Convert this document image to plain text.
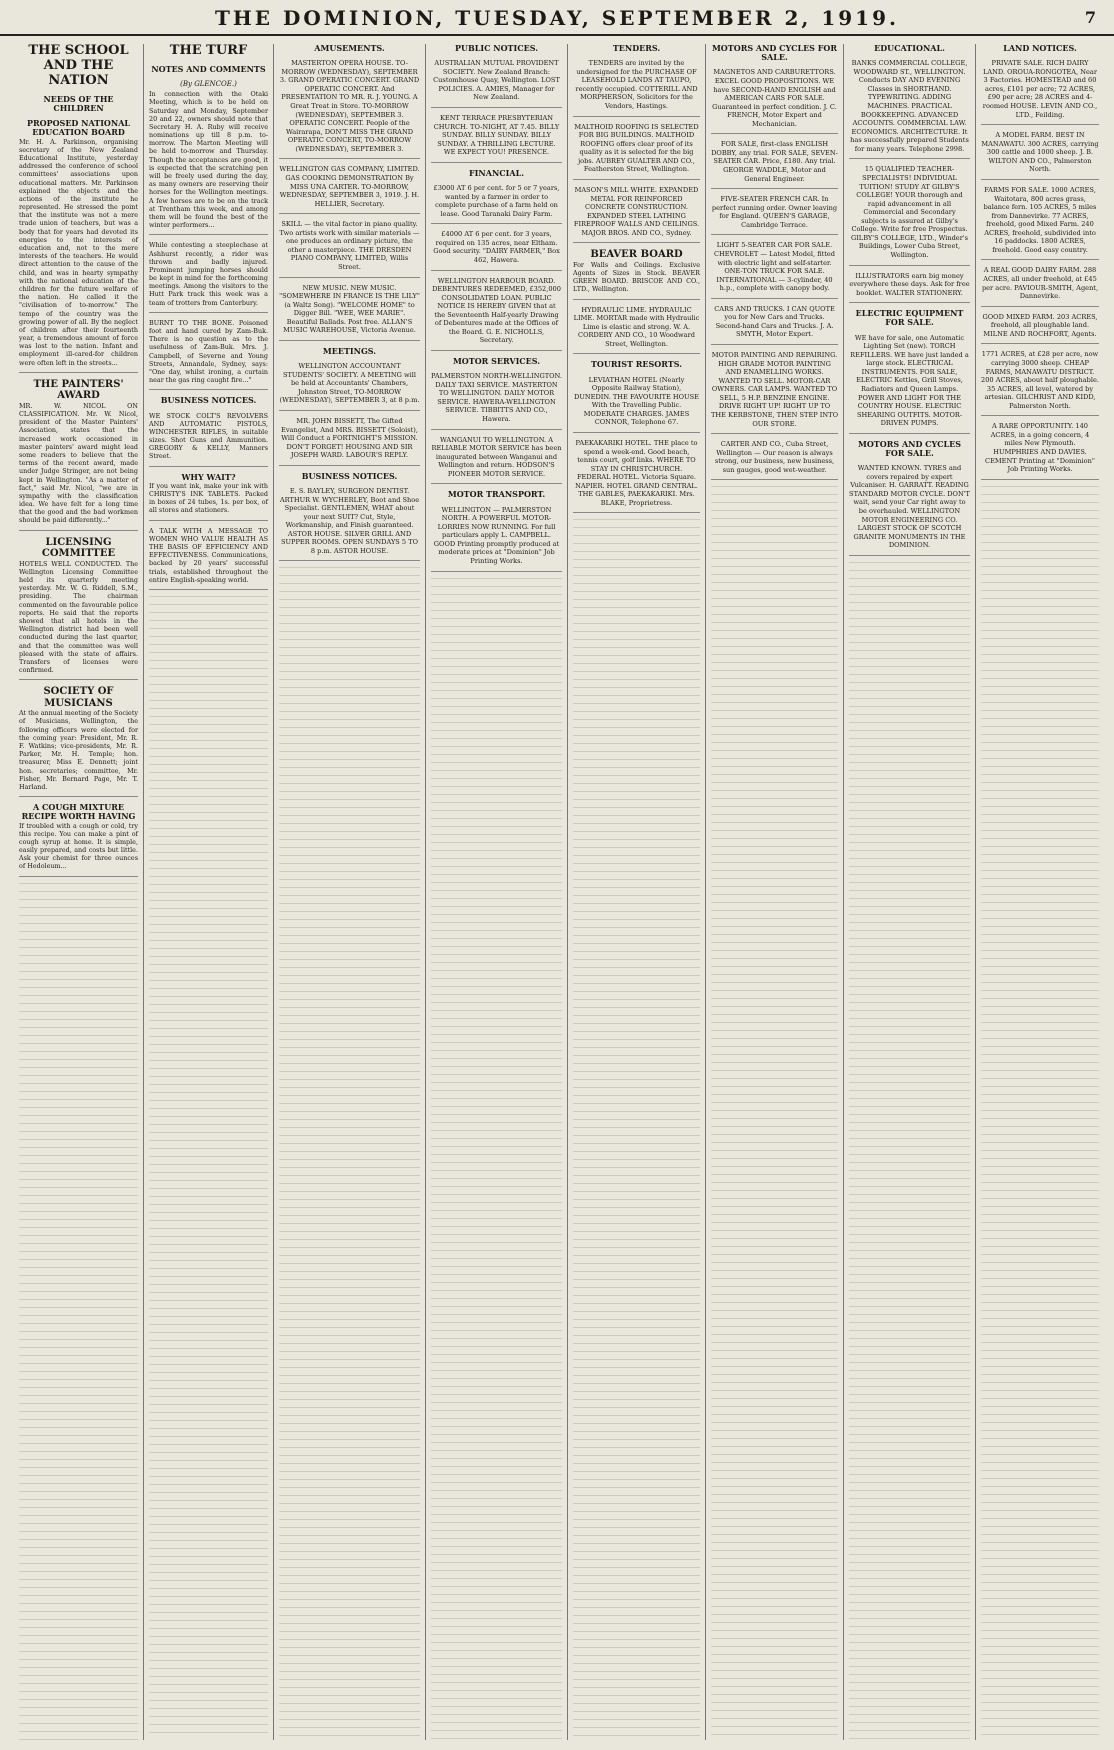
THE DOMINION, TUESDAY, SEPTEMBER 2, 1919.	7
THE SCHOOL AND THE NATION
NEEDS OF THE CHILDREN
PROPOSED NATIONAL EDUCATION BOARD
Mr. H. A. Parkinson, organising secretary of the New Zealand Educational Institute, yesterday addressed the conference of school committees' associations upon educational matters. Mr. Parkinson explained the objects and the actions of the institute he represented. He stressed the point that the institute was not a mere trade union of teachers, but was a body that for years had devoted its energies to the interests of education and, not to the mere interests of the teachers. He would direct attention to the cause of the child, and was in hearty sympathy with the national education of the children for the future welfare of the nation. He called it the "civilisation of to-morrow." The tempo of the country was the growing power of all. By the neglect of children after their fourteenth year, a tremendous amount of force was lost to the nation. Infant and employment ill-cared-for children were often left in the streets...
THE PAINTERS' AWARD
MR. W. NICOL ON CLASSIFICATION. Mr. W. Nicol, president of the Master Painters' Association, states that the increased work occasioned in master painters' award might lead some readers to believe that the terms of the recent award, made under Judge Stringer, are not being kept in Wellington. "As a matter of fact," said Mr. Nicol, "we are in sympathy with the classification idea. We have felt for a long time that the good and the bad workmen should be paid differently..."
LICENSING COMMITTEE
HOTELS WELL CONDUCTED. The Wellington Licensing Committee held its quarterly meeting yesterday. Mr. W. G. Riddell, S.M., presiding. The chairman commented on the favourable police reports. He said that the reports showed that all hotels in the Wellington district had been well conducted during the last quarter, and that the committee was well pleased with the state of affairs. Transfers of licenses were confirmed.
SOCIETY OF MUSICIANS
At the annual meeting of the Society of Musicians, Wellington, the following officers were elected for the coming year: President, Mr. R. F. Watkins; vice-presidents, Mr. R. Parker, Mr. H. Temple; hon. treasurer, Miss E. Dennett; joint hon. secretaries; committee, Mr. Fisher, Mr. Bernard Page, Mr. T. Harland.
A COUGH MIXTURE RECIPE WORTH HAVING
If troubled with a cough or cold, try this recipe. You can make a pint of cough syrup at home. It is simple, easily prepared, and costs but little. Ask your chemist for three ounces of Hedoleum...
THE TURF
NOTES AND COMMENTS
(By GLENCOE.)
In connection with the Otaki Meeting, which is to be held on Saturday and Monday, September 20 and 22, owners should note that Secretary H. A. Ruby will receive nominations up till 8 p.m. to-morrow. The Marton Meeting will be held to-morrow and Thursday. Though the acceptances are good, it is expected that the scratching pen will be freely used during the day, as many owners are reserving their horses for the Wellington meetings. A few horses are to be on the track at Trentham this week, and among them will be found the best of the winter performers...
While contesting a steeplechase at Ashhurst recently, a rider was thrown and badly injured. Prominent jumping horses should be kept in mind for the forthcoming meetings. Among the visitors to the Hutt Park track this week was a team of trotters from Canterbury.
BURNT TO THE BONE. Poisoned foot and hand cured by Zam-Buk. There is no question as to the usefulness of Zam-Buk. Mrs. J. Campbell, of Severne and Young Streets, Annandale, Sydney, says: "One day, whilst ironing, a curtain near the gas ring caught fire..."
BUSINESS NOTICES.
WE STOCK COLT'S REVOLVERS AND AUTOMATIC PISTOLS, WINCHESTER RIFLES, in suitable sizes. Shot Guns and Ammunition. GREGORY & KELLY, Manners Street.
WHY WAIT?
If you want ink, make your ink with CHRISTY'S INK TABLETS. Packed in boxes of 24 tubes, 1s. per box, of all stores and stationers.
A TALK WITH A MESSAGE TO WOMEN WHO VALUE HEALTH AS THE BASIS OF EFFICIENCY AND EFFECTIVENESS. Communications, backed by 20 years' successful trials, established throughout the entire English-speaking world.
AMUSEMENTS.
MASTERTON OPERA HOUSE. TO-MORROW (WEDNESDAY), SEPTEMBER 3. GRAND OPERATIC CONCERT. GRAND OPERATIC CONCERT. And PRESENTATION TO MR. R. J. YOUNG. A Great Treat in Store. TO-MORROW (WEDNESDAY), SEPTEMBER 3. OPERATIC CONCERT. People of the Wairarapa, DON'T MISS THE GRAND OPERATIC CONCERT, TO-MORROW (WEDNESDAY), SEPTEMBER 3.
WELLINGTON GAS COMPANY, LIMITED. GAS COOKING DEMONSTRATION By MISS UNA CARTER. TO-MORROW, WEDNESDAY, SEPTEMBER 3, 1919. J. H. HELLIER, Secretary.
SKILL — the vital factor in piano quality. Two artists work with similar materials — one produces an ordinary picture, the other a masterpiece. THE DRESDEN PIANO COMPANY, LIMITED, Willis Street.
NEW MUSIC. NEW MUSIC. "SOMEWHERE IN FRANCE IS THE LILY" (a Waltz Song). "WELCOME HOME" to Digger Bill. "WEE, WEE MARIE". Beautiful Ballads. Post free. ALLAN'S MUSIC WAREHOUSE, Victoria Avenue.
MEETINGS.
WELLINGTON ACCOUNTANT STUDENTS' SOCIETY. A MEETING will be held at Accountants' Chambers, Johnston Street, TO-MORROW (WEDNESDAY), SEPTEMBER 3, at 8 p.m.
MR. JOHN BISSETT, The Gifted Evangelist, And MRS. BISSETT (Soloist), Will Conduct a FORTNIGHT'S MISSION. DON'T FORGET! HOUSING AND SIR JOSEPH WARD. LABOUR'S REPLY.
BUSINESS NOTICES.
E. S. BAYLEY, SURGEON DENTIST. ARTHUR W. WYCHERLEY, Boot and Shoe Specialist. GENTLEMEN, WHAT about your next SUIT? Cut, Style, Workmanship, and Finish guaranteed. ASTOR HOUSE. SILVER GRILL AND SUPPER ROOMS. OPEN SUNDAYS 5 TO 8 p.m. ASTOR HOUSE.
PUBLIC NOTICES.
AUSTRALIAN MUTUAL PROVIDENT SOCIETY. New Zealand Branch: Customhouse Quay, Wellington. LOST POLICIES. A. AMIES, Manager for New Zealand.
KENT TERRACE PRESBYTERIAN CHURCH. TO-NIGHT, AT 7.45. BILLY SUNDAY. BILLY SUNDAY. BILLY SUNDAY. A THRILLING LECTURE. WE EXPECT YOU! PRESENCE.
FINANCIAL.
£3000 AT 6 per cent. for 5 or 7 years, wanted by a farmer in order to complete purchase of a farm held on lease. Good Taranaki Dairy Farm.
£4000 AT 6 per cent. for 3 years, required on 135 acres, near Eltham. Good security. "DAIRY FARMER," Box 462, Hawera.
WELLINGTON HARBOUR BOARD. DEBENTURES REDEEMED, £352,000 CONSOLIDATED LOAN. PUBLIC NOTICE IS HEREBY GIVEN that at the Seventeenth Half-yearly Drawing of Debentures made at the Offices of the Board. G. E. NICHOLLS, Secretary.
MOTOR SERVICES.
PALMERSTON NORTH-WELLINGTON. DAILY TAXI SERVICE. MASTERTON TO WELLINGTON. DAILY MOTOR SERVICE. HAWERA-WELLINGTON SERVICE. TIBBITTS AND CO., Hawera.
WANGANUI TO WELLINGTON. A RELIABLE MOTOR SERVICE has been inaugurated between Wanganui and Wellington and return. HODSON'S PIONEER MOTOR SERVICE.
MOTOR TRANSPORT.
WELLINGTON — PALMERSTON NORTH. A POWERFUL MOTOR-LORRIES NOW RUNNING. For full particulars apply L. CAMPBELL. GOOD Printing promptly produced at moderate prices at "Dominion" Job Printing Works.
TENDERS.
TENDERS are invited by the undersigned for the PURCHASE OF LEASEHOLD LANDS AT TAUPO, recently occupied. COTTERILL AND MORPHERSON, Solicitors for the Vendors, Hastings.
MALTHOID ROOFING IS SELECTED FOR BIG BUILDINGS. MALTHOID ROOFING offers clear proof of its quality as it is selected for the big jobs. AUBREY GUALTER AND CO., Featherston Street, Wellington.
MASON'S MILL WHITE. EXPANDED METAL FOR REINFORCED CONCRETE CONSTRUCTION. EXPANDED STEEL LATHING FIREPROOF WALLS AND CEILINGS. MAJOR BROS. AND CO., Sydney.
BEAVER BOARD
For Walls and Ceilings. Exclusive Agents of Sizes in Stock. BEAVER GREEN BOARD. BRISCOE AND CO., LTD., Wellington.
HYDRAULIC LIME. HYDRAULIC LIME. MORTAR made with Hydraulic Lime is elastic and strong. W. A. CORDERY AND CO., 10 Woodward Street, Wellington.
TOURIST RESORTS.
LEVIATHAN HOTEL (Nearly Opposite Railway Station), DUNEDIN. THE FAVOURITE HOUSE With the Travelling Public. MODERATE CHARGES. JAMES CONNOR, Telephone 67.
PAEKAKARIKI HOTEL. THE place to spend a week-end. Good beach, tennis court, golf links. WHERE TO STAY IN CHRISTCHURCH. FEDERAL HOTEL. Victoria Square. NAPIER. HOTEL GRAND CENTRAL. THE GABLES, PAEKAKARIKI. Mrs. BLAKE, Proprietress.
MOTORS AND CYCLES FOR SALE.
MAGNETOS AND CARBURETTORS. EXCEL GOOD PROPOSITIONS. WE have SECOND-HAND ENGLISH and AMERICAN CARS FOR SALE. Guaranteed in perfect condition. J. C. FRENCH, Motor Expert and Mechanician.
FOR SALE, first-class ENGLISH DOBBY, any trial. FOR SALE, SEVEN-SEATER CAR. Price, £180. Any trial. GEORGE WADDLE, Motor and General Engineer.
FIVE-SEATER FRENCH CAR. In perfect running order. Owner leaving for England. QUEEN'S GARAGE, Cambridge Terrace.
LIGHT 5-SEATER CAR FOR SALE. CHEVROLET — Latest Model, fitted with electric light and self-starter. ONE-TON TRUCK FOR SALE. INTERNATIONAL — 3-cylinder, 40 h.p., complete with canopy body.
CARS AND TRUCKS. I CAN QUOTE you for New Cars and Trucks. Second-hand Cars and Trucks. J. A. SMYTH, Motor Expert.
MOTOR PAINTING AND REPAIRING. HIGH GRADE MOTOR PAINTING AND ENAMELLING WORKS. WANTED TO SELL. MOTOR-CAR OWNERS. CAR LAMPS. WANTED TO SELL, 5 H.P. BENZINE ENGINE. DRIVE RIGHT UP! RIGHT UP TO THE KERBSTONE, THEN STEP INTO OUR STORE.
CARTER AND CO., Cuba Street, Wellington — Our reason is always strong, our business, new business, sun gauges, good wet-weather.
EDUCATIONAL.
BANKS COMMERCIAL COLLEGE, WOODWARD ST., WELLINGTON. Conducts DAY AND EVENING Classes in SHORTHAND. TYPEWRITING. ADDING MACHINES. PRACTICAL BOOKKEEPING. ADVANCED ACCOUNTS. COMMERCIAL LAW. ECONOMICS. ARCHITECTURE. It has successfully prepared Students for many years. Telephone 2998.
15 QUALIFIED TEACHER-SPECIALISTS! INDIVIDUAL TUITION! STUDY AT GILBY'S COLLEGE! YOUR thorough and rapid advancement in all Commercial and Secondary subjects is assured at Gilby's College. Write for free Prospectus. GILBY'S COLLEGE, LTD., Winder's Buildings, Lower Cuba Street, Wellington.
ILLUSTRATORS earn big money everywhere these days. Ask for free booklet. WALTER STATIONERY.
ELECTRIC EQUIPMENT FOR SALE.
WE have for sale, one Automatic Lighting Set (new). TORCH REFILLERS. WE have just landed a large stock. ELECTRICAL INSTRUMENTS. FOR SALE, ELECTRIC Kettles, Grill Stoves, Radiators and Queen Lamps. POWER AND LIGHT FOR THE COUNTRY HOUSE. ELECTRIC SHEARING OUTFITS. MOTOR-DRIVEN PUMPS.
MOTORS AND CYCLES FOR SALE.
WANTED KNOWN. TYRES and covers repaired by expert Vulcaniser. H. GARRATT. READING STANDARD MOTOR CYCLE. DON'T wait, send your Car right away to be overhauled. WELLINGTON MOTOR ENGINEERING CO. LARGEST STOCK OF SCOTCH GRANITE MONUMENTS IN THE DOMINION.
LAND NOTICES.
PRIVATE SALE. RICH DAIRY LAND. OROUA-RONGOTEA, Near 3 Factories. HOMESTEAD and 60 acres, £101 per acre; 72 ACRES, £90 per acre; 28 ACRES and 4-roomed HOUSE. LEVIN AND CO., LTD., Feilding.
A MODEL FARM. BEST IN MANAWATU. 300 ACRES, carrying 300 cattle and 1000 sheep. J. B. WILTON AND CO., Palmerston North.
FARMS FOR SALE. 1000 ACRES, Waitotara, 800 acres grass, balance fern. 105 ACRES, 5 miles from Dannevirke. 77 ACRES, freehold, good Mixed Farm. 240 ACRES, freehold, subdivided into 16 paddocks. 1800 ACRES, freehold. Good easy country.
A REAL GOOD DAIRY FARM. 288 ACRES, all under freehold, at £45 per acre. PAVIOUR-SMITH, Agent, Dannevirke.
GOOD MIXED FARM. 203 ACRES, freehold, all ploughable land. MILNE AND ROCHFORT, Agents.
1771 ACRES, at £28 per acre, now carrying 3000 sheep. CHEAP FARMS, MANAWATU DISTRICT. 200 ACRES, about half ploughable. 35 ACRES, all level, watered by artesian. GILCHRIST AND KIDD, Palmerston North.
A RARE OPPORTUNITY. 140 ACRES, in a going concern, 4 miles New Plymouth. HUMPHRIES AND DAVIES. CEMENT Printing at "Dominion" Job Printing Works.
